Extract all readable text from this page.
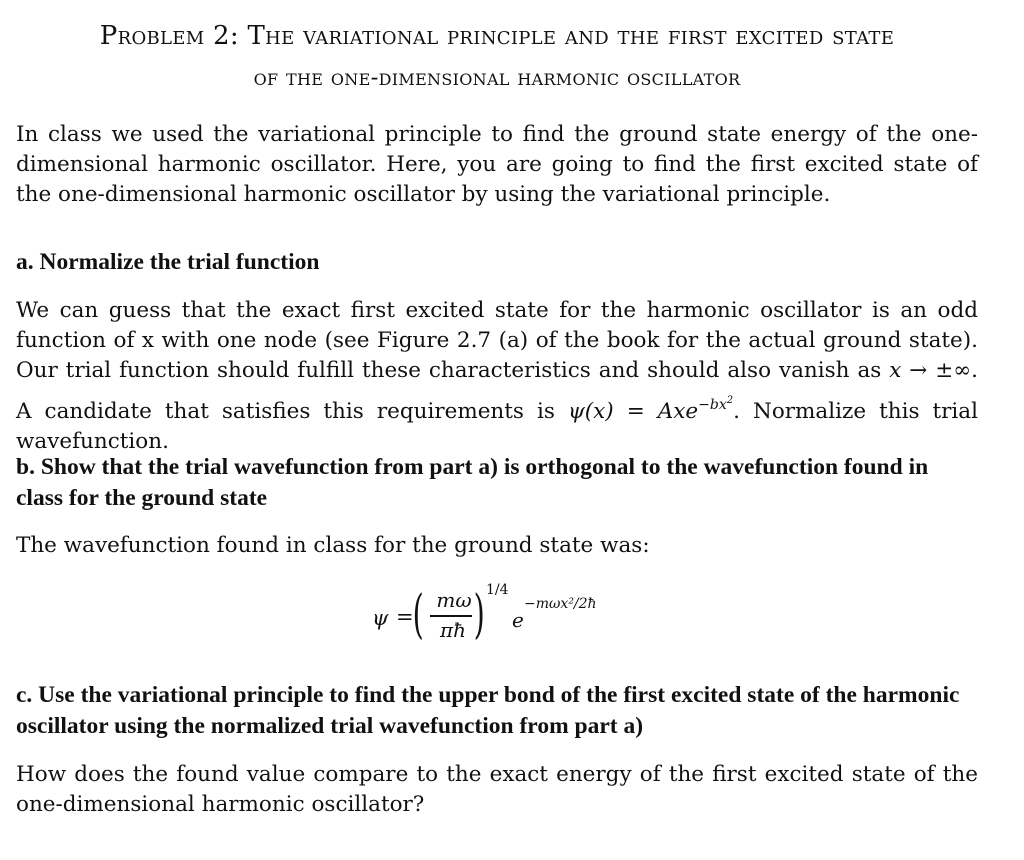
Problem 2: The variational principle and the first excited state
of the one-dimensional harmonic oscillator

In class we used the variational principle to find the ground state energy of the one-dimensional harmonic oscillator. Here, you are going to find the first excited state of the one-dimensional harmonic oscillator by using the variational principle.

a. Normalize the trial function

We can guess that the exact first excited state for the harmonic oscillator is an odd function of x with one node (see Figure 2.7 (a) of the book for the actual ground state). Our trial function should fulfill these characteristics and should also vanish as x → ±∞. A candidate that satisfies this requirements is ψ(x) = Axe$^{-bx^2}$. Normalize this trial wavefunction.

b. Show that the trial wavefunction from part a) is orthogonal to the wavefunction found in class for the ground state

The wavefunction found in class for the ground state was:

c. Use the variational principle to find the upper bond of the first excited state of the harmonic oscillator using the normalized trial wavefunction from part a)

How does the found value compare to the exact energy of the first excited state of the one-dimensional harmonic oscillator?

ψ =
( mω
πħ ) 1/4
e
−mωx²/2ħ
